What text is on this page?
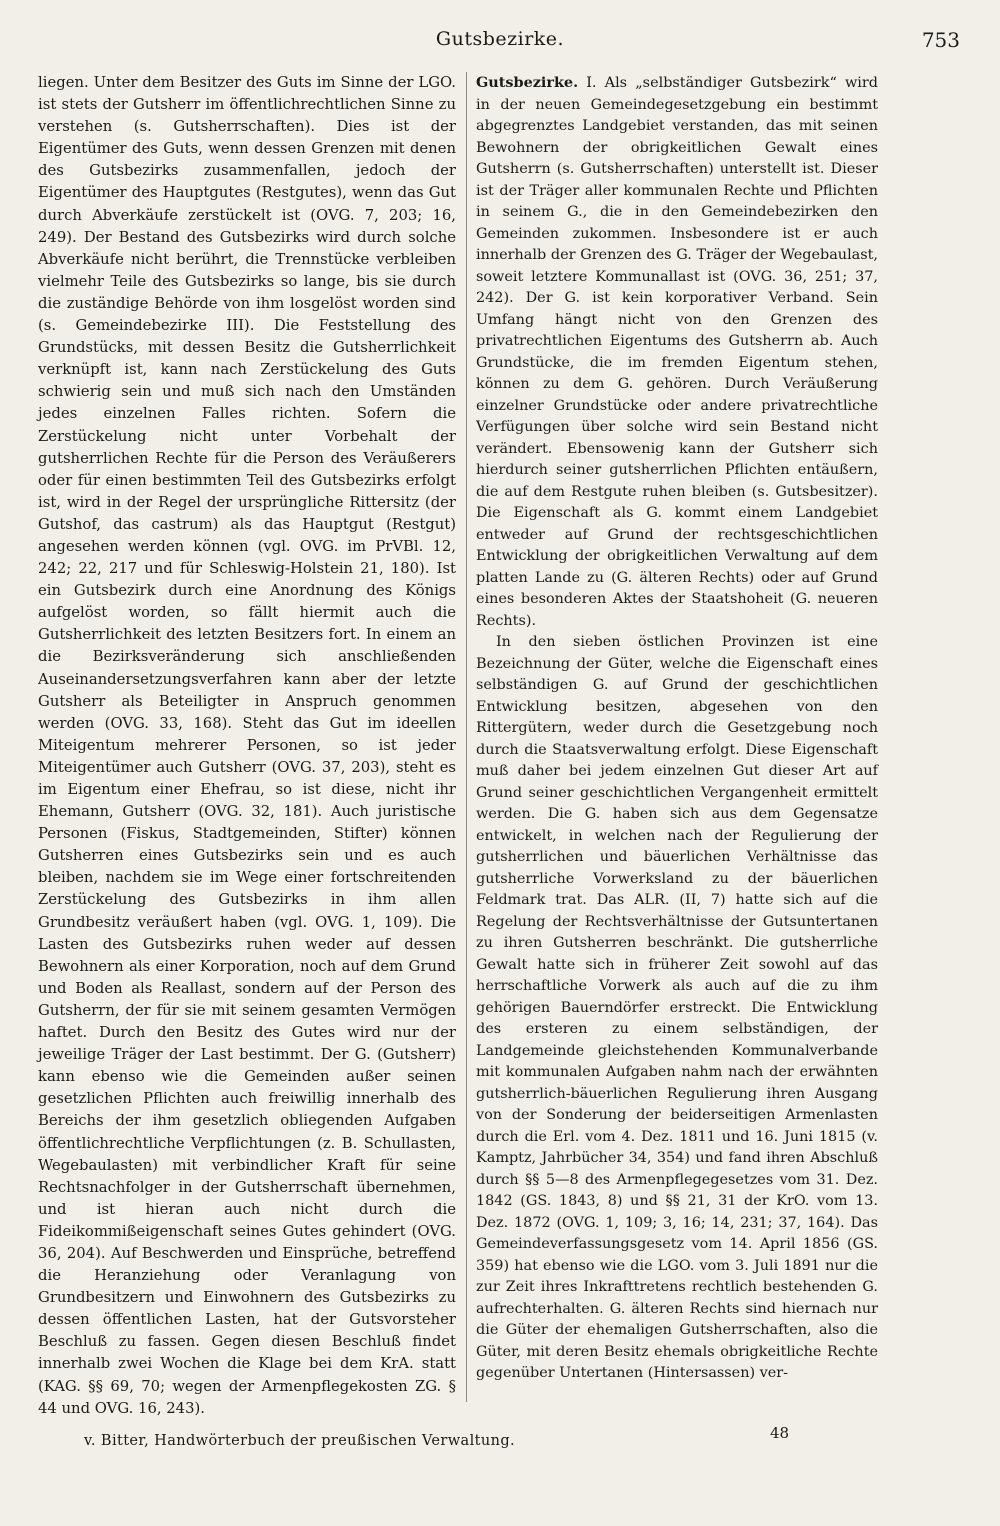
Gutsbezirke.	753

liegen. Unter dem Besitzer des Guts im Sinne der LGO. ist stets der Gutsherr im öffentlichrechtlichen Sinne zu verstehen (s. Gutsherrschaften). Dies ist der Eigentümer des Guts, wenn dessen Grenzen mit denen des Gutsbezirks zusammenfallen, jedoch der Eigentümer des Hauptgutes (Restgutes), wenn das Gut durch Abverkäufe zerstückelt ist (OVG. 7, 203; 16, 249). Der Bestand des Gutsbezirks wird durch solche Abverkäufe nicht berührt, die Trennstücke verbleiben vielmehr Teile des Gutsbezirks so lange, bis sie durch die zuständige Behörde von ihm losgelöst worden sind (s. Gemeindebezirke III). Die Feststellung des Grundstücks, mit dessen Besitz die Gutsherrlichkeit verknüpft ist, kann nach Zerstückelung des Guts schwierig sein und muß sich nach den Umständen jedes einzelnen Falles richten. Sofern die Zerstückelung nicht unter Vorbehalt der gutsherrlichen Rechte für die Person des Veräußerers oder für einen bestimmten Teil des Gutsbezirks erfolgt ist, wird in der Regel der ursprüngliche Rittersitz (der Gutshof, das castrum) als das Hauptgut (Restgut) angesehen werden können (vgl. OVG. im PrVBl. 12, 242; 22, 217 und für Schleswig-Holstein 21, 180). Ist ein Gutsbezirk durch eine Anordnung des Königs aufgelöst worden, so fällt hiermit auch die Gutsherrlichkeit des letzten Besitzers fort. In einem an die Bezirksveränderung sich anschließenden Auseinandersetzungsverfahren kann aber der letzte Gutsherr als Beteiligter in Anspruch genommen werden (OVG. 33, 168). Steht das Gut im ideellen Miteigentum mehrerer Personen, so ist jeder Miteigentümer auch Gutsherr (OVG. 37, 203), steht es im Eigentum einer Ehefrau, so ist diese, nicht ihr Ehemann, Gutsherr (OVG. 32, 181). Auch juristische Personen (Fiskus, Stadtgemeinden, Stifter) können Gutsherren eines Gutsbezirks sein und es auch bleiben, nachdem sie im Wege einer fortschreitenden Zerstückelung des Gutsbezirks in ihm allen Grundbesitz veräußert haben (vgl. OVG. 1, 109). Die Lasten des Gutsbezirks ruhen weder auf dessen Bewohnern als einer Korporation, noch auf dem Grund und Boden als Reallast, sondern auf der Person des Gutsherrn, der für sie mit seinem gesamten Vermögen haftet. Durch den Besitz des Gutes wird nur der jeweilige Träger der Last bestimmt. Der G. (Gutsherr) kann ebenso wie die Gemeinden außer seinen gesetzlichen Pflichten auch freiwillig innerhalb des Bereichs der ihm gesetzlich obliegenden Aufgaben öffentlichrechtliche Verpflichtungen (z. B. Schullasten, Wegebaulasten) mit verbindlicher Kraft für seine Rechtsnachfolger in der Gutsherrschaft übernehmen, und ist hieran auch nicht durch die Fideikommißeigenschaft seines Gutes gehindert (OVG. 36, 204). Auf Beschwerden und Einsprüche, betreffend die Heranziehung oder Veranlagung von Grundbesitzern und Einwohnern des Gutsbezirks zu dessen öffentlichen Lasten, hat der Gutsvorsteher Beschluß zu fassen. Gegen diesen Beschluß findet innerhalb zwei Wochen die Klage bei dem KrA. statt (KAG. §§ 69, 70; wegen der Armenpflegekosten ZG. § 44 und OVG. 16, 243).

Gutsbezirke. I. Als „selbständiger Gutsbezirk“ wird in der neuen Gemeindegesetzgebung ein bestimmt abgegrenztes Landgebiet verstanden, das mit seinen Bewohnern der obrigkeitlichen Gewalt eines Gutsherrn (s. Gutsherrschaften) unterstellt ist. Dieser ist der Träger aller kommunalen Rechte und Pflichten in seinem G., die in den Gemeindebezirken den Gemeinden zukommen. Insbesondere ist er auch innerhalb der Grenzen des G. Träger der Wegebaulast, soweit letztere Kommunallast ist (OVG. 36, 251; 37, 242). Der G. ist kein korporativer Verband. Sein Umfang hängt nicht von den Grenzen des privatrechtlichen Eigentums des Gutsherrn ab. Auch Grundstücke, die im fremden Eigentum stehen, können zu dem G. gehören. Durch Veräußerung einzelner Grundstücke oder andere privatrechtliche Verfügungen über solche wird sein Bestand nicht verändert. Ebensowenig kann der Gutsherr sich hierdurch seiner gutsherrlichen Pflichten entäußern, die auf dem Restgute ruhen bleiben (s. Gutsbesitzer). Die Eigenschaft als G. kommt einem Landgebiet entweder auf Grund der rechtsgeschichtlichen Entwicklung der obrigkeitlichen Verwaltung auf dem platten Lande zu (G. älteren Rechts) oder auf Grund eines besonderen Aktes der Staatshoheit (G. neueren Rechts).

In den sieben östlichen Provinzen ist eine Bezeichnung der Güter, welche die Eigenschaft eines selbständigen G. auf Grund der geschichtlichen Entwicklung besitzen, abgesehen von den Rittergütern, weder durch die Gesetzgebung noch durch die Staatsverwaltung erfolgt. Diese Eigenschaft muß daher bei jedem einzelnen Gut dieser Art auf Grund seiner geschichtlichen Vergangenheit ermittelt werden. Die G. haben sich aus dem Gegensatze entwickelt, in welchen nach der Regulierung der gutsherrlichen und bäuerlichen Verhältnisse das gutsherrliche Vorwerksland zu der bäuerlichen Feldmark trat. Das ALR. (II, 7) hatte sich auf die Regelung der Rechtsverhältnisse der Gutsuntertanen zu ihren Gutsherren beschränkt. Die gutsherrliche Gewalt hatte sich in früherer Zeit sowohl auf das herrschaftliche Vorwerk als auch auf die zu ihm gehörigen Bauerndörfer erstreckt. Die Entwicklung des ersteren zu einem selbständigen, der Landgemeinde gleichstehenden Kommunalverbande mit kommunalen Aufgaben nahm nach der erwähnten gutsherrlich-bäuerlichen Regulierung ihren Ausgang von der Sonderung der beiderseitigen Armenlasten durch die Erl. vom 4. Dez. 1811 und 16. Juni 1815 (v. Kamptz, Jahrbücher 34, 354) und fand ihren Abschluß durch §§ 5—8 des Armenpflegegesetzes vom 31. Dez. 1842 (GS. 1843, 8) und §§ 21, 31 der KrO. vom 13. Dez. 1872 (OVG. 1, 109; 3, 16; 14, 231; 37, 164). Das Gemeindeverfassungsgesetz vom 14. April 1856 (GS. 359) hat ebenso wie die LGO. vom 3. Juli 1891 nur die zur Zeit ihres Inkrafttretens rechtlich bestehenden G. aufrechterhalten. G. älteren Rechts sind hiernach nur die Güter der ehemaligen Gutsherrschaften, also die Güter, mit deren Besitz ehemals obrigkeitliche Rechte gegenüber Untertanen (Hintersassen) ver-

48
v. Bitter, Handwörterbuch der preußischen Verwaltung.
